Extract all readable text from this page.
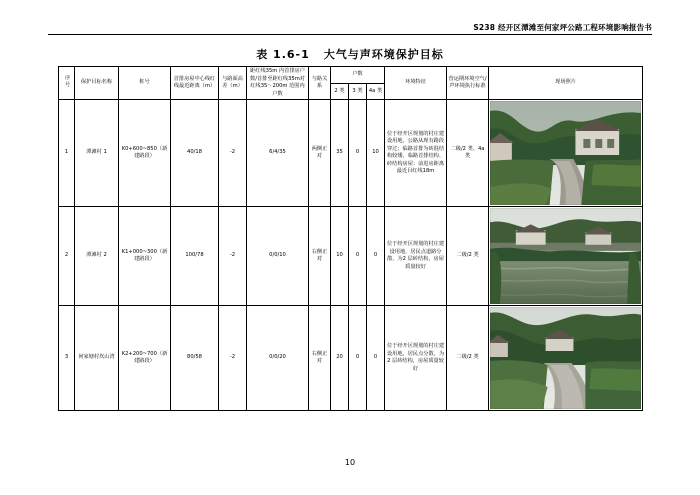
S238 经开区潭滩至何家坪公路工程环境影响报告书
表 1.6-1 大气与声环境保护目标
序号	保护目标名称	桩号	首排房屋中心线红线最近距离（m）	与路面高差（m）	距红线35m 内首排房户数/首排至距红线35m对红线35～200m 范围内户数	与路关系	户数			环境特征	营运期环境空气/声环境执行标准	现场照片
							2 类	3 类	4a 类			
1	潭滩村 1	K0+600~850（新建路段）	40/18	-2	6/4/35	两侧正对	35	0	10	位于经开区规划的村庄建设用地，公路从现有路段穿过；临路首排为砖混结构较矮、临路首排结构、砖结构房屋；前进房距离最近目红线18m	二级/2 类、4a 类	

2	潭滩村 2	K1+000~300（新建路段）	100/78	-2	0/0/10	右侧正对	10	0	0	位于经开区规划的村庄建设用地，居民点道路分散，为2 层砖结构，房屋质量较好	二级/2 类	

3	何家塘村坎山湾	K2+200~700（新建路段）	80/58	-2	0/0/20	右侧正对	20	0	0	位于经开区规划的村庄建设用地，居民点分散，为2 层砖结构，房屋质量较好	二级/2 类	
10
